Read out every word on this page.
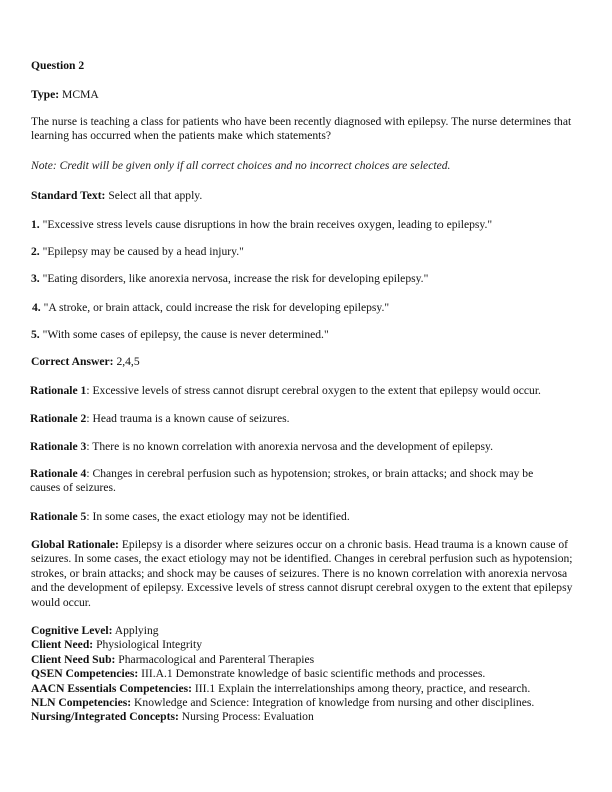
Question 2

Type: MCMA

The nurse is teaching a class for patients who have been recently diagnosed with epilepsy. The nurse determines that learning has occurred when the patients make which statements?

Note: Credit will be given only if all correct choices and no incorrect choices are selected.

Standard Text: Select all that apply.

1. "Excessive stress levels cause disruptions in how the brain receives oxygen, leading to epilepsy."

2. "Epilepsy may be caused by a head injury."

3. "Eating disorders, like anorexia nervosa, increase the risk for developing epilepsy."

4. "A stroke, or brain attack, could increase the risk for developing epilepsy."

5. "With some cases of epilepsy, the cause is never determined."

Correct Answer: 2,4,5

Rationale 1: Excessive levels of stress cannot disrupt cerebral oxygen to the extent that epilepsy would occur.

Rationale 2: Head trauma is a known cause of seizures.

Rationale 3: There is no known correlation with anorexia nervosa and the development of epilepsy.

Rationale 4: Changes in cerebral perfusion such as hypotension; strokes, or brain attacks; and shock may be causes of seizures.

Rationale 5: In some cases, the exact etiology may not be identified.

Global Rationale: Epilepsy is a disorder where seizures occur on a chronic basis. Head trauma is a known cause of seizures. In some cases, the exact etiology may not be identified. Changes in cerebral perfusion such as hypotension; strokes, or brain attacks; and shock may be causes of seizures. There is no known correlation with anorexia nervosa and the development of epilepsy. Excessive levels of stress cannot disrupt cerebral oxygen to the extent that epilepsy would occur.

Cognitive Level: Applying
Client Need: Physiological Integrity
Client Need Sub: Pharmacological and Parenteral Therapies
QSEN Competencies: III.A.1 Demonstrate knowledge of basic scientific methods and processes.
AACN Essentials Competencies: III.1 Explain the interrelationships among theory, practice, and research.
NLN Competencies: Knowledge and Science: Integration of knowledge from nursing and other disciplines.
Nursing/Integrated Concepts: Nursing Process: Evaluation
